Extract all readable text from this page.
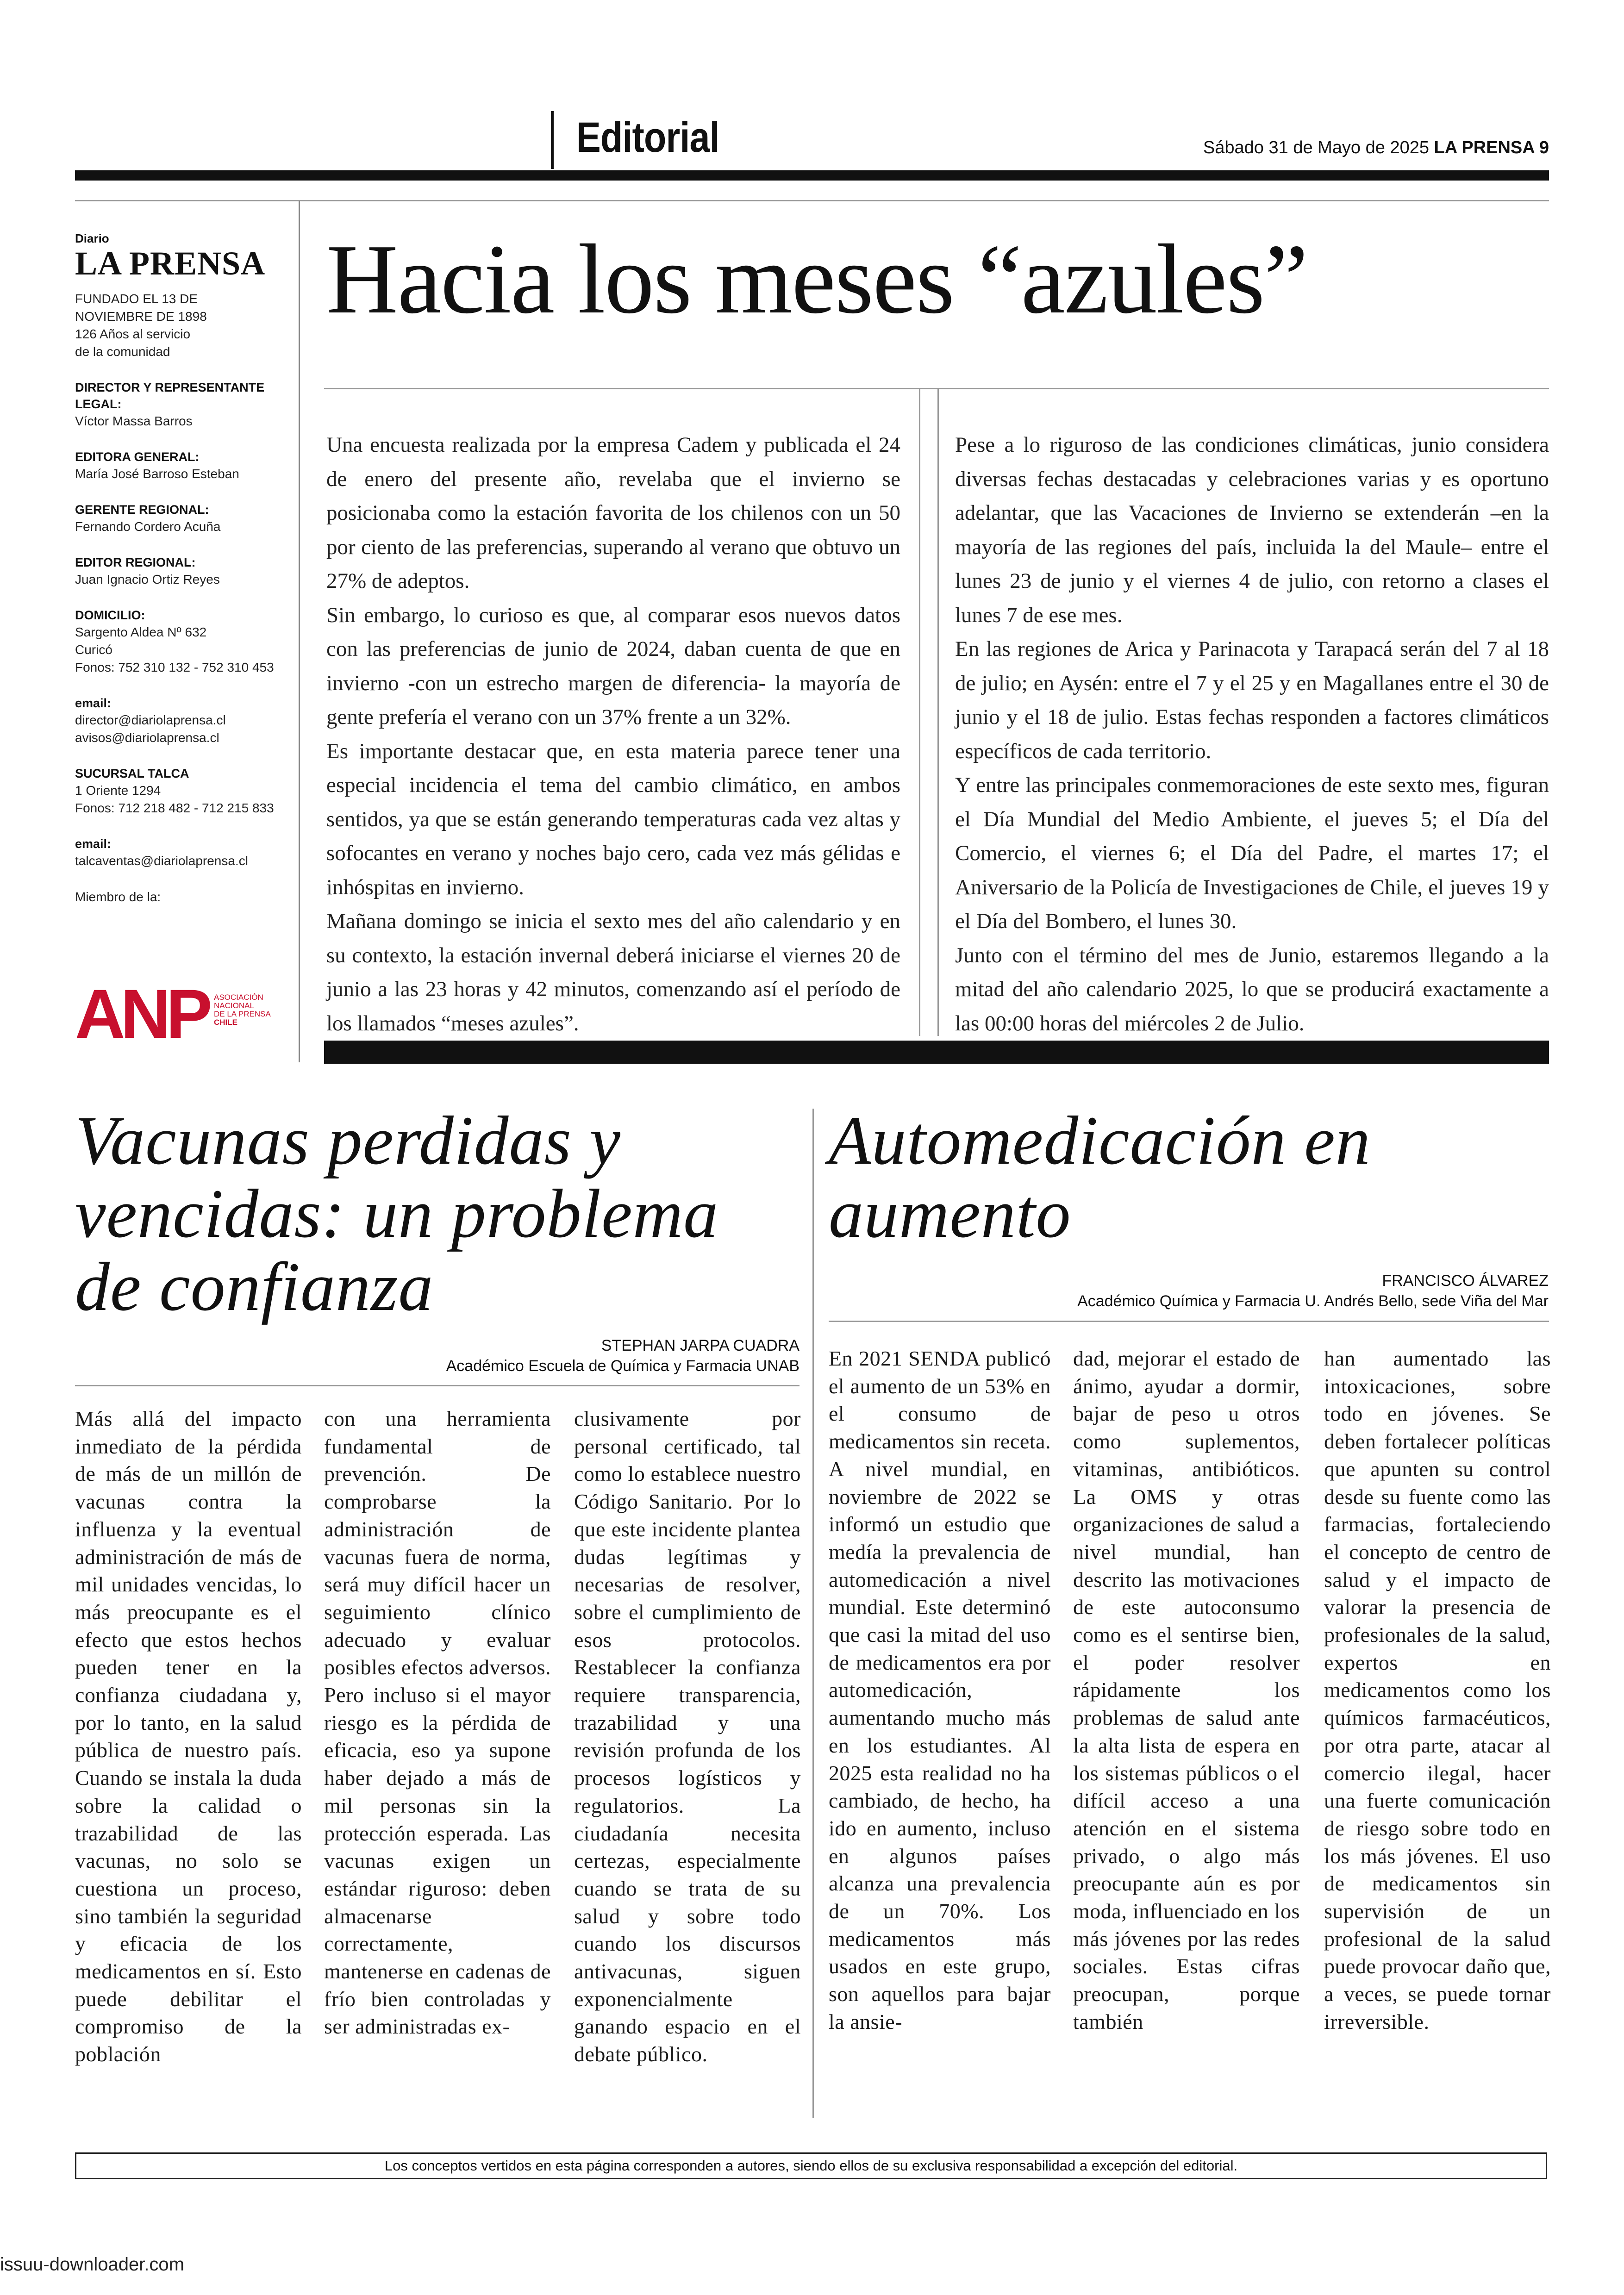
Editorial	Sábado 31 de Mayo de 2025 LA PRENSA 9
Diario
LA PRENSA
FUNDADO EL 13 DE
NOVIEMBRE DE 1898
126 Años al servicio
de la comunidad
DIRECTOR Y REPRESENTANTE LEGAL:
Víctor Massa Barros
EDITORA GENERAL:
María José Barroso Esteban
GERENTE REGIONAL:
Fernando Cordero Acuña
EDITOR REGIONAL:
Juan Ignacio Ortiz Reyes
DOMICILIO:
Sargento Aldea Nº 632
Curicó
Fonos: 752 310 132 - 752 310 453
email:
director@diariolaprensa.cl
avisos@diariolaprensa.cl
SUCURSAL TALCA
1 Oriente 1294
Fonos: 712 218 482 - 712 215 833
email:
talcaventas@diariolaprensa.cl
Miembro de la:
ANP ASOCIACIÓN
NACIONAL
DE LA PRENSA
CHILE
Hacia los meses “azules”

Una encuesta realizada por la empresa Cadem y publicada el 24 de enero del presente año, revelaba que el invierno se posicionaba como la estación favorita de los chilenos con un 50 por ciento de las preferencias, superando al verano que obtuvo un 27% de adeptos.

Sin embargo, lo curioso es que, al comparar esos nuevos datos con las preferencias de junio de 2024, daban cuenta de que en invierno -con un estrecho margen de diferencia- la mayoría de gente prefería el verano con un 37% frente a un 32%.

Es importante destacar que, en esta materia parece tener una especial incidencia el tema del cambio climático, en ambos sentidos, ya que se están generando temperaturas cada vez altas y sofocantes en verano y noches bajo cero, cada vez más gélidas e inhóspitas en invierno.

Mañana domingo se inicia el sexto mes del año calendario y en su contexto, la estación invernal deberá iniciarse el viernes 20 de junio a las 23 horas y 42 minutos, comenzando así el período de los llamados “meses azules”.

Pese a lo riguroso de las condiciones climáticas, junio considera diversas fechas destacadas y celebraciones varias y es oportuno adelantar, que las Vacaciones de Invierno se extenderán –en la mayoría de las regiones del país, incluida la del Maule– entre el lunes 23 de junio y el viernes 4 de julio, con retorno a clases el lunes 7 de ese mes.

En las regiones de Arica y Parinacota y Tarapacá serán del 7 al 18 de julio; en Aysén: entre el 7 y el 25 y en Magallanes entre el 30 de junio y el 18 de julio. Estas fechas responden a factores climáticos específicos de cada territorio.

Y entre las principales conmemoraciones de este sexto mes, figuran el Día Mundial del Medio Ambiente, el jueves 5; el Día del Comercio, el viernes 6; el Día del Padre, el martes 17; el Aniversario de la Policía de Investigaciones de Chile, el jueves 19 y el Día del Bombero, el lunes 30.

Junto con el término del mes de Junio, estaremos llegando a la mitad del año calendario 2025, lo que se producirá exactamente a las 00:00 horas del miércoles 2 de Julio.

Vacunas perdidas y vencidas: un problema de confianza
STEPHAN JARPA CUADRA
Académico Escuela de Química y Farmacia UNAB
Más allá del impacto inmediato de la pérdida de más de un millón de vacunas contra la influenza y la eventual administración de más de mil unidades vencidas, lo más preocupante es el efecto que estos hechos pueden tener en la confianza ciudadana y, por lo tanto, en la salud pública de nuestro país. Cuando se instala la duda sobre la calidad o trazabilidad de las vacunas, no solo se cuestiona un proceso, sino también la seguridad y eficacia de los medicamentos en sí. Esto puede debilitar el compromiso de la población
con una herramienta fundamental de prevención. De comprobarse la administración de vacunas fuera de norma, será muy difícil hacer un seguimiento clínico adecuado y evaluar posibles efectos adversos. Pero incluso si el mayor riesgo es la pérdida de eficacia, eso ya supone haber dejado a más de mil personas sin la protección esperada. Las vacunas exigen un estándar riguroso: deben almacenarse correctamente, mantenerse en cadenas de frío bien controladas y ser administradas ex-
clusivamente por personal certificado, tal como lo establece nuestro Código Sanitario. Por lo que este incidente plantea dudas legítimas y necesarias de resolver, sobre el cumplimiento de esos protocolos. Restablecer la confianza requiere transparencia, trazabilidad y una revisión profunda de los procesos logísticos y regulatorios. La ciudadanía necesita certezas, especialmente cuando se trata de su salud y sobre todo cuando los discursos antivacunas, siguen exponencialmente ganando espacio en el debate público.
Automedicación en aumento
FRANCISCO ÁLVAREZ
Académico Química y Farmacia U. Andrés Bello, sede Viña del Mar
En 2021 SENDA publicó el aumento de un 53% en el consumo de medicamentos sin receta. A nivel mundial, en noviembre de 2022 se informó un estudio que medía la prevalencia de automedicación a nivel mundial. Este determinó que casi la mitad del uso de medicamentos era por automedicación, aumentando mucho más en los estudiantes. Al 2025 esta realidad no ha cambiado, de hecho, ha ido en aumento, incluso en algunos países alcanza una prevalencia de un 70%. Los medicamentos más usados en este grupo, son aquellos para bajar la ansie-
dad, mejorar el estado de ánimo, ayudar a dormir, bajar de peso u otros como suplementos, vitaminas, antibióticos. La OMS y otras organizaciones de salud a nivel mundial, han descrito las motivaciones de este autoconsumo como es el sentirse bien, el poder resolver rápidamente los problemas de salud ante la alta lista de espera en los sistemas públicos o el difícil acceso a una atención en el sistema privado, o algo más preocupante aún es por moda, influenciado en los más jóvenes por las redes sociales. Estas cifras preocupan, porque también
han aumentado las intoxicaciones, sobre todo en jóvenes. Se deben fortalecer políticas que apunten su control desde su fuente como las farmacias, fortaleciendo el concepto de centro de salud y el impacto de valorar la presencia de profesionales de la salud, expertos en medicamentos como los químicos farmacéuticos, por otra parte, atacar al comercio ilegal, hacer una fuerte comunicación de riesgo sobre todo en los más jóvenes. El uso de medicamentos sin supervisión de un profesional de la salud puede provocar daño que, a veces, se puede tornar irreversible.
Los conceptos vertidos en esta página corresponden a autores, siendo ellos de su exclusiva responsabilidad a excepción del editorial.
issuu-downloader.com
